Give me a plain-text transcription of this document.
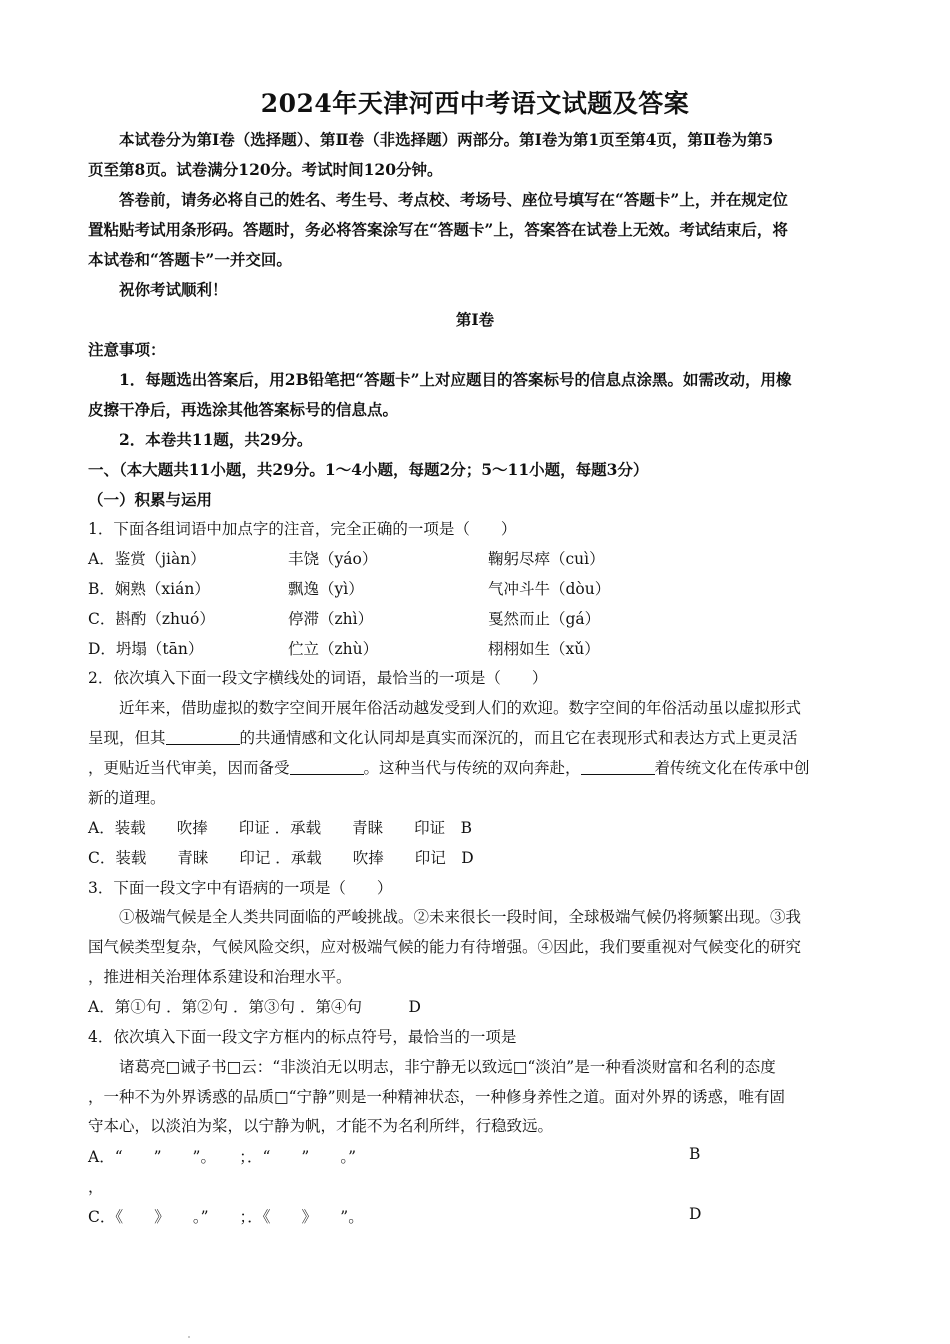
2024年天津河西中考语文试题及答案
本试卷分为第Ⅰ卷（选择题）、第Ⅱ卷（非选择题）两部分。第Ⅰ卷为第1页至第4页，第Ⅱ卷为第5
页至第8页。试卷满分120分。考试时间120分钟。
答卷前，请务必将自己的姓名、考生号、考点校、考场号、座位号填写在“答题卡”上，并在规定位
置粘贴考试用条形码。答题时，务必将答案涂写在“答题卡”上，答案答在试卷上无效。考试结束后，将
本试卷和“答题卡”一并交回。
祝你考试顺利！
第Ⅰ卷
注意事项：
1．每题选出答案后，用2B铅笔把“答题卡”上对应题目的答案标号的信息点涂黑。如需改动，用橡
皮擦干净后，再选涂其他答案标号的信息点。
2．本卷共11题，共29分。
一、（本大题共11小题，共29分。1～4小题，每题2分；5～11小题，每题3分）
（一）积累与运用
1．下面各组词语中加点字的注音，完全正确的一项是（　　）
A．鉴赏（jiàn）	丰饶（yáo）	鞠躬尽瘁（cuì）
B．娴熟（xián）	飘逸（yì）	气冲斗牛（dòu）
C．斟酌（zhuó）	停滞（zhì）	戛然而止（gá）
D．坍塌（tān）	伫立（zhù）	栩栩如生（xǔ）
2．依次填入下面一段文字横线处的词语，最恰当的一项是（　　）
近年来，借助虚拟的数字空间开展年俗活动越发受到人们的欢迎。数字空间的年俗活动虽以虚拟形式
呈现，但其	的共通情感和文化认同却是真实而深沉的，而且它在表现形式和表达方式上更灵活
，更贴近当代审美，因而备受	。这种当代与传统的双向奔赴，	着传统文化在传承中创
新的道理。
A．装载　　吹捧　　印证 ．承载　　青睐　　印证　B
C．装载　　青睐　　印记 ．承载　　吹捧　　印记　D
3．下面一段文字中有语病的一项是（　　）
①极端气候是全人类共同面临的严峻挑战。②未来很长一段时间，全球极端气候仍将频繁出现。③我
国气候类型复杂，气候风险交织，应对极端气候的能力有待增强。④因此，我们要重视对气候变化的研究
，推进相关治理体系建设和治理水平。
A．第①句 ．第②句 ．第③句 ．第④句　　　D
4．依次填入下面一段文字方框内的标点符号，最恰当的一项是
诸葛亮□诫子书□云：“非淡泊无以明志，非宁静无以致远□“淡泊”是一种看淡财富和名利的态度
，一种不为外界诱惑的品质□“宁静”则是一种精神状态，一种修身养性之道。面对外界的诱惑，唯有固
守本心，以淡泊为桨，以宁静为帆，才能不为名利所绊，行稳致远。
A．“　　”　　”。　　；．“　　”　　。”	B
，
C．《　　》　　。”　　；．《　　》　　”。	D
